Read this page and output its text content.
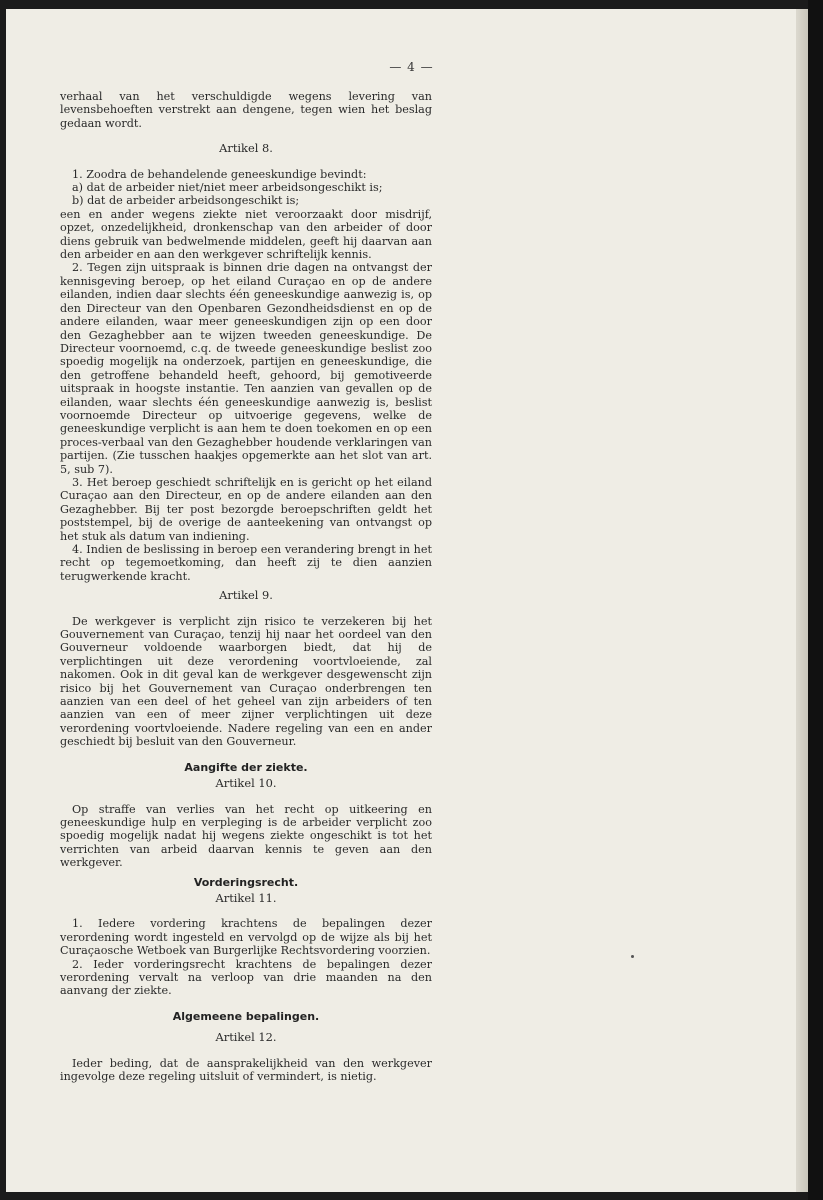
— 4 —

verhaal van het verschuldigde wegens levering van levensbehoeften verstrekt aan dengene, tegen wien het beslag gedaan wordt.

Artikel 8.

1. Zoodra de behandelende geneeskundige bevindt:

a) dat de arbeider niet/niet meer arbeidsongeschikt is;

b) dat de arbeider arbeidsongeschikt is;

een en ander wegens ziekte niet veroorzaakt door misdrijf, opzet, onzedelijkheid, dronkenschap van den arbeider of door diens gebruik van bedwelmende middelen, geeft hij daarvan aan den arbeider en aan den werkgever schriftelijk kennis.

2. Tegen zijn uitspraak is binnen drie dagen na ontvangst der kennisgeving beroep, op het eiland Curaçao en op de andere eilanden, indien daar slechts één geneeskundige aanwezig is, op den Directeur van den Openbaren Gezondheidsdienst en op de andere eilanden, waar meer geneeskundigen zijn op een door den Gezaghebber aan te wijzen tweeden geneeskundige. De Directeur voornoemd, c.q. de tweede geneeskundige beslist zoo spoedig mogelijk na onderzoek, partijen en geneeskundige, die den getroffene behandeld heeft, gehoord, bij gemotiveerde uitspraak in hoogste instantie. Ten aanzien van gevallen op de eilanden, waar slechts één geneeskundige aanwezig is, beslist voornoemde Directeur op uitvoerige gegevens, welke de geneeskundige verplicht is aan hem te doen toekomen en op een proces-verbaal van den Gezaghebber houdende verklaringen van partijen. (Zie tusschen haakjes opgemerkte aan het slot van art. 5, sub 7).

3. Het beroep geschiedt schriftelijk en is gericht op het eiland Curaçao aan den Directeur, en op de andere eilanden aan den Gezaghebber. Bij ter post bezorgde beroepschriften geldt het poststempel, bij de overige de aanteekening van ontvangst op het stuk als datum van indiening.

4. Indien de beslissing in beroep een verandering brengt in het recht op tegemoetkoming, dan heeft zij te dien aanzien terugwerkende kracht.

Artikel 9.

De werkgever is verplicht zijn risico te verzekeren bij het Gouvernement van Curaçao, tenzij hij naar het oordeel van den Gouverneur voldoende waarborgen biedt, dat hij de verplichtingen uit deze verordening voortvloeiende, zal nakomen. Ook in dit geval kan de werkgever desgewenscht zijn risico bij het Gouvernement van Curaçao onderbrengen ten aanzien van een deel of het geheel van zijn arbeiders of ten aanzien van een of meer zijner verplichtingen uit deze verordening voortvloeiende. Nadere regeling van een en ander geschiedt bij besluit van den Gouverneur.

Aangifte der ziekte.
Artikel 10.

Op straffe van verlies van het recht op uitkeering en geneeskundige hulp en verpleging is de arbeider verplicht zoo spoedig mogelijk nadat hij wegens ziekte ongeschikt is tot het verrichten van arbeid daarvan kennis te geven aan den werkgever.

Vorderingsrecht.
Artikel 11.

1. Iedere vordering krachtens de bepalingen dezer verordening wordt ingesteld en vervolgd op de wijze als bij het Curaçaosche Wetboek van Burgerlijke Rechtsvordering voorzien.

2. Ieder vorderingsrecht krachtens de bepalingen dezer verordening vervalt na verloop van drie maanden na den aanvang der ziekte.

Algemeene bepalingen.
Artikel 12.

Ieder beding, dat de aansprakelijkheid van den werkgever ingevolge deze regeling uitsluit of vermindert, is nietig.
